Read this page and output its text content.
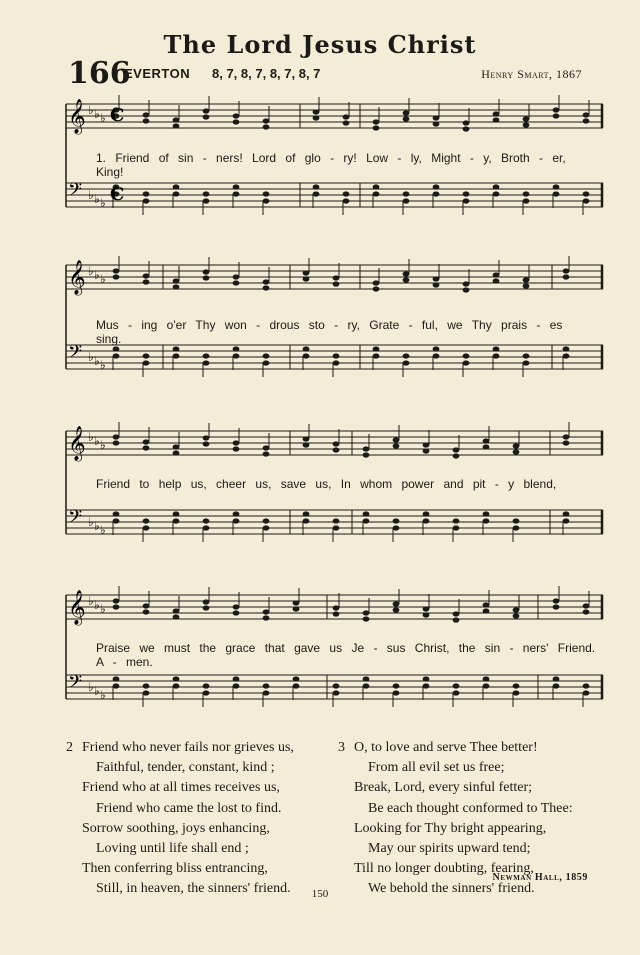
The Lord Jesus Christ
166
EVERTON 8, 7, 8, 7, 8, 7, 8, 7	Henry Smart, 1867
𝄞 ♭ ♭ ♭
𝄢 ♭ ♭ ♭
𝄞 ♭ ♭ ♭
𝄢 ♭ ♭ ♭
𝄞 ♭ ♭ ♭
𝄢 ♭ ♭ ♭
𝄞 ♭ ♭ ♭
𝄢 ♭ ♭ ♭
C
C
1. Friend of sin - ners! Lord of glo - ry! Low - ly, Might - y, Broth - er, King!
Mus - ing o'er Thy won - drous sto - ry, Grate - ful, we Thy prais - es sing.
Friend to help us, cheer us, save us, In whom power and pit - y blend,
Praise we must the grace that gave us Je - sus Christ, the sin - ners' Friend. A - men.
2 Friend who never fails nor grieves us,
Faithful, tender, constant, kind ;
Friend who at all times receives us,
Friend who came the lost to find.
Sorrow soothing, joys enhancing,
Loving until life shall end ;
Then conferring bliss entrancing,
Still, in heaven, the sinners' friend.
3 O, to love and serve Thee better!
From all evil set us free;
Break, Lord, every sinful fetter;
Be each thought conformed to Thee:
Looking for Thy bright appearing,
May our spirits upward tend;
Till no longer doubting, fearing,
We behold the sinners' friend.
Newman Hall, 1859
150
